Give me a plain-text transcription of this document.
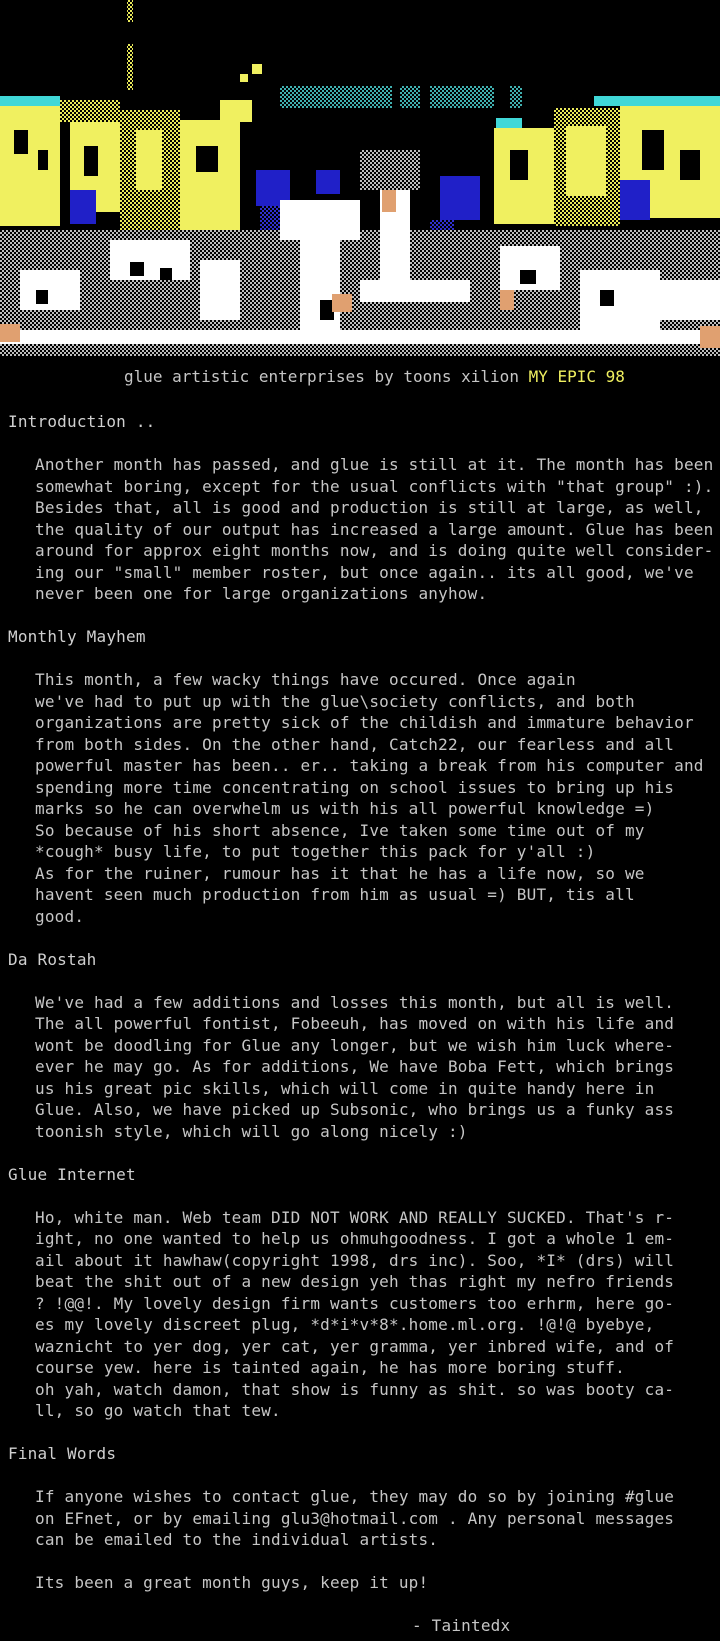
glue artistic enterprises by toons xilion MY EPIC 98
Introduction ..
Another month has passed, and glue is still at it. The month has been
somewhat boring, except for the usual conflicts with "that group" :).
Besides that, all is good and production is still at large, as well,
the quality of our output has increased a large amount. Glue has been
around for approx eight months now, and is doing quite well consider-
ing our "small" member roster, but once again.. its all good, we've
never been one for large organizations anyhow.
Monthly Mayhem
This month, a few wacky things have occured. Once again
we've had to put up with the glue\society conflicts, and both
organizations are pretty sick of the childish and immature behavior
from both sides. On the other hand, Catch22, our fearless and all
powerful master has been.. er.. taking a break from his computer and
spending more time concentrating on school issues to bring up his
marks so he can overwhelm us with his all powerful knowledge =)
So because of his short absence, Ive taken some time out of my
*cough* busy life, to put together this pack for y'all :)
As for the ruiner, rumour has it that he has a life now, so we
havent seen much production from him as usual =) BUT, tis all
good.
Da Rostah
We've had a few additions and losses this month, but all is well.
The all powerful fontist, Fobeeuh, has moved on with his life and
wont be doodling for Glue any longer, but we wish him luck where-
ever he may go. As for additions, We have Boba Fett, which brings
us his great pic skills, which will come in quite handy here in
Glue. Also, we have picked up Subsonic, who brings us a funky ass
toonish style, which will go along nicely :)
Glue Internet
Ho, white man. Web team DID NOT WORK AND REALLY SUCKED. That's r-
ight, no one wanted to help us ohmuhgoodness. I got a whole 1 em-
ail about it hawhaw(copyright 1998, drs inc). Soo, *I* (drs) will
beat the shit out of a new design yeh thas right my nefro friends
? !@@!. My lovely design firm wants customers too erhrm, here go-
es my lovely discreet plug, *d*i*v*8*.home.ml.org. !@!@ byebye,
waznicht to yer dog, yer cat, yer gramma, yer inbred wife, and of
course yew. here is tainted again, he has more boring stuff.
oh yah, watch damon, that show is funny as shit. so was booty ca-
ll, so go watch that tew.
Final Words
If anyone wishes to contact glue, they may do so by joining #glue
on EFnet, or by emailing glu3@hotmail.com . Any personal messages
can be emailed to the individual artists.
Its been a great month guys, keep it up!
- Taintedx
